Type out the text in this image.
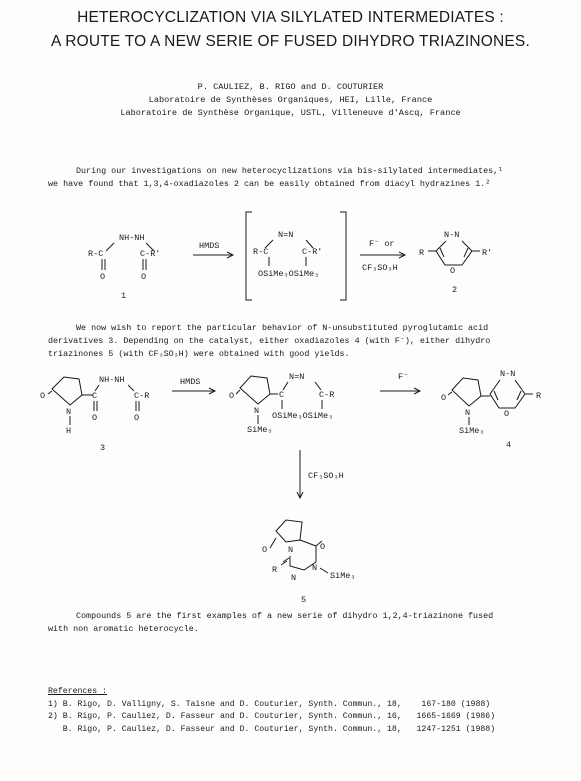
HETEROCYCLIZATION VIA SILYLATED INTERMEDIATES :
A ROUTE TO A NEW SERIE OF FUSED DIHYDRO TRIAZINONES.
P. CAULIEZ, B. RIGO and D. COUTURIER
Laboratoire de Synthèses Organiques, HEI, Lille, France
Laboratoire de Synthèse Organique, USTL, Villeneuve d'Ascq, France
During our investigations on new heterocyclizations via bis-silylated intermediates,¹
we have found that 1,3,4-oxadiazoles 2 can be easily obtained from diacyl hydrazines 1.²
We now wish to report the particular behavior of N-unsubstituted pyroglutamic acid
derivatives 3. Depending on the catalyst, either oxadiazoles 4 (with F⁻), either dihydro
triazinones 5 (with CF₃SO₃H) were obtained with good yields.
Compounds 5 are the first examples of a new serie of dihydro 1,2,4-triazinone fused
with non aromatic heterocycle.
NH-NH
R-C	C-R'
O	O
1
HMDS
N=N
R-C	C-R'
OSiMe₃OSiMe₃
F⁻ or
CF₃SO₃H
N-N
R
O
R'
2
O
N
H
NH-NH
C	C-R
O	O
3
HMDS
O
N
SiMe₃
N=N
C	C-R
OSiMe₃OSiMe₃
F⁻
O
N
SiMe₃
N-N
O
R
4
CF₃SO₃H
O N	O
R
N
N
SiMe₃
5
References :
1) B. Rigo, D. Valligny, S. Taisne and D. Couturier, Synth. Commun., 18,    167-180 (1988)
2) B. Rigo, P. Cauliez, D. Fasseur and D. Couturier, Synth. Commun., 16,   1665-1669 (1986)
B. Rigo, P. Cauliez, D. Fasseur and D. Couturier, Synth. Commun., 18,   1247-1251 (1988)
